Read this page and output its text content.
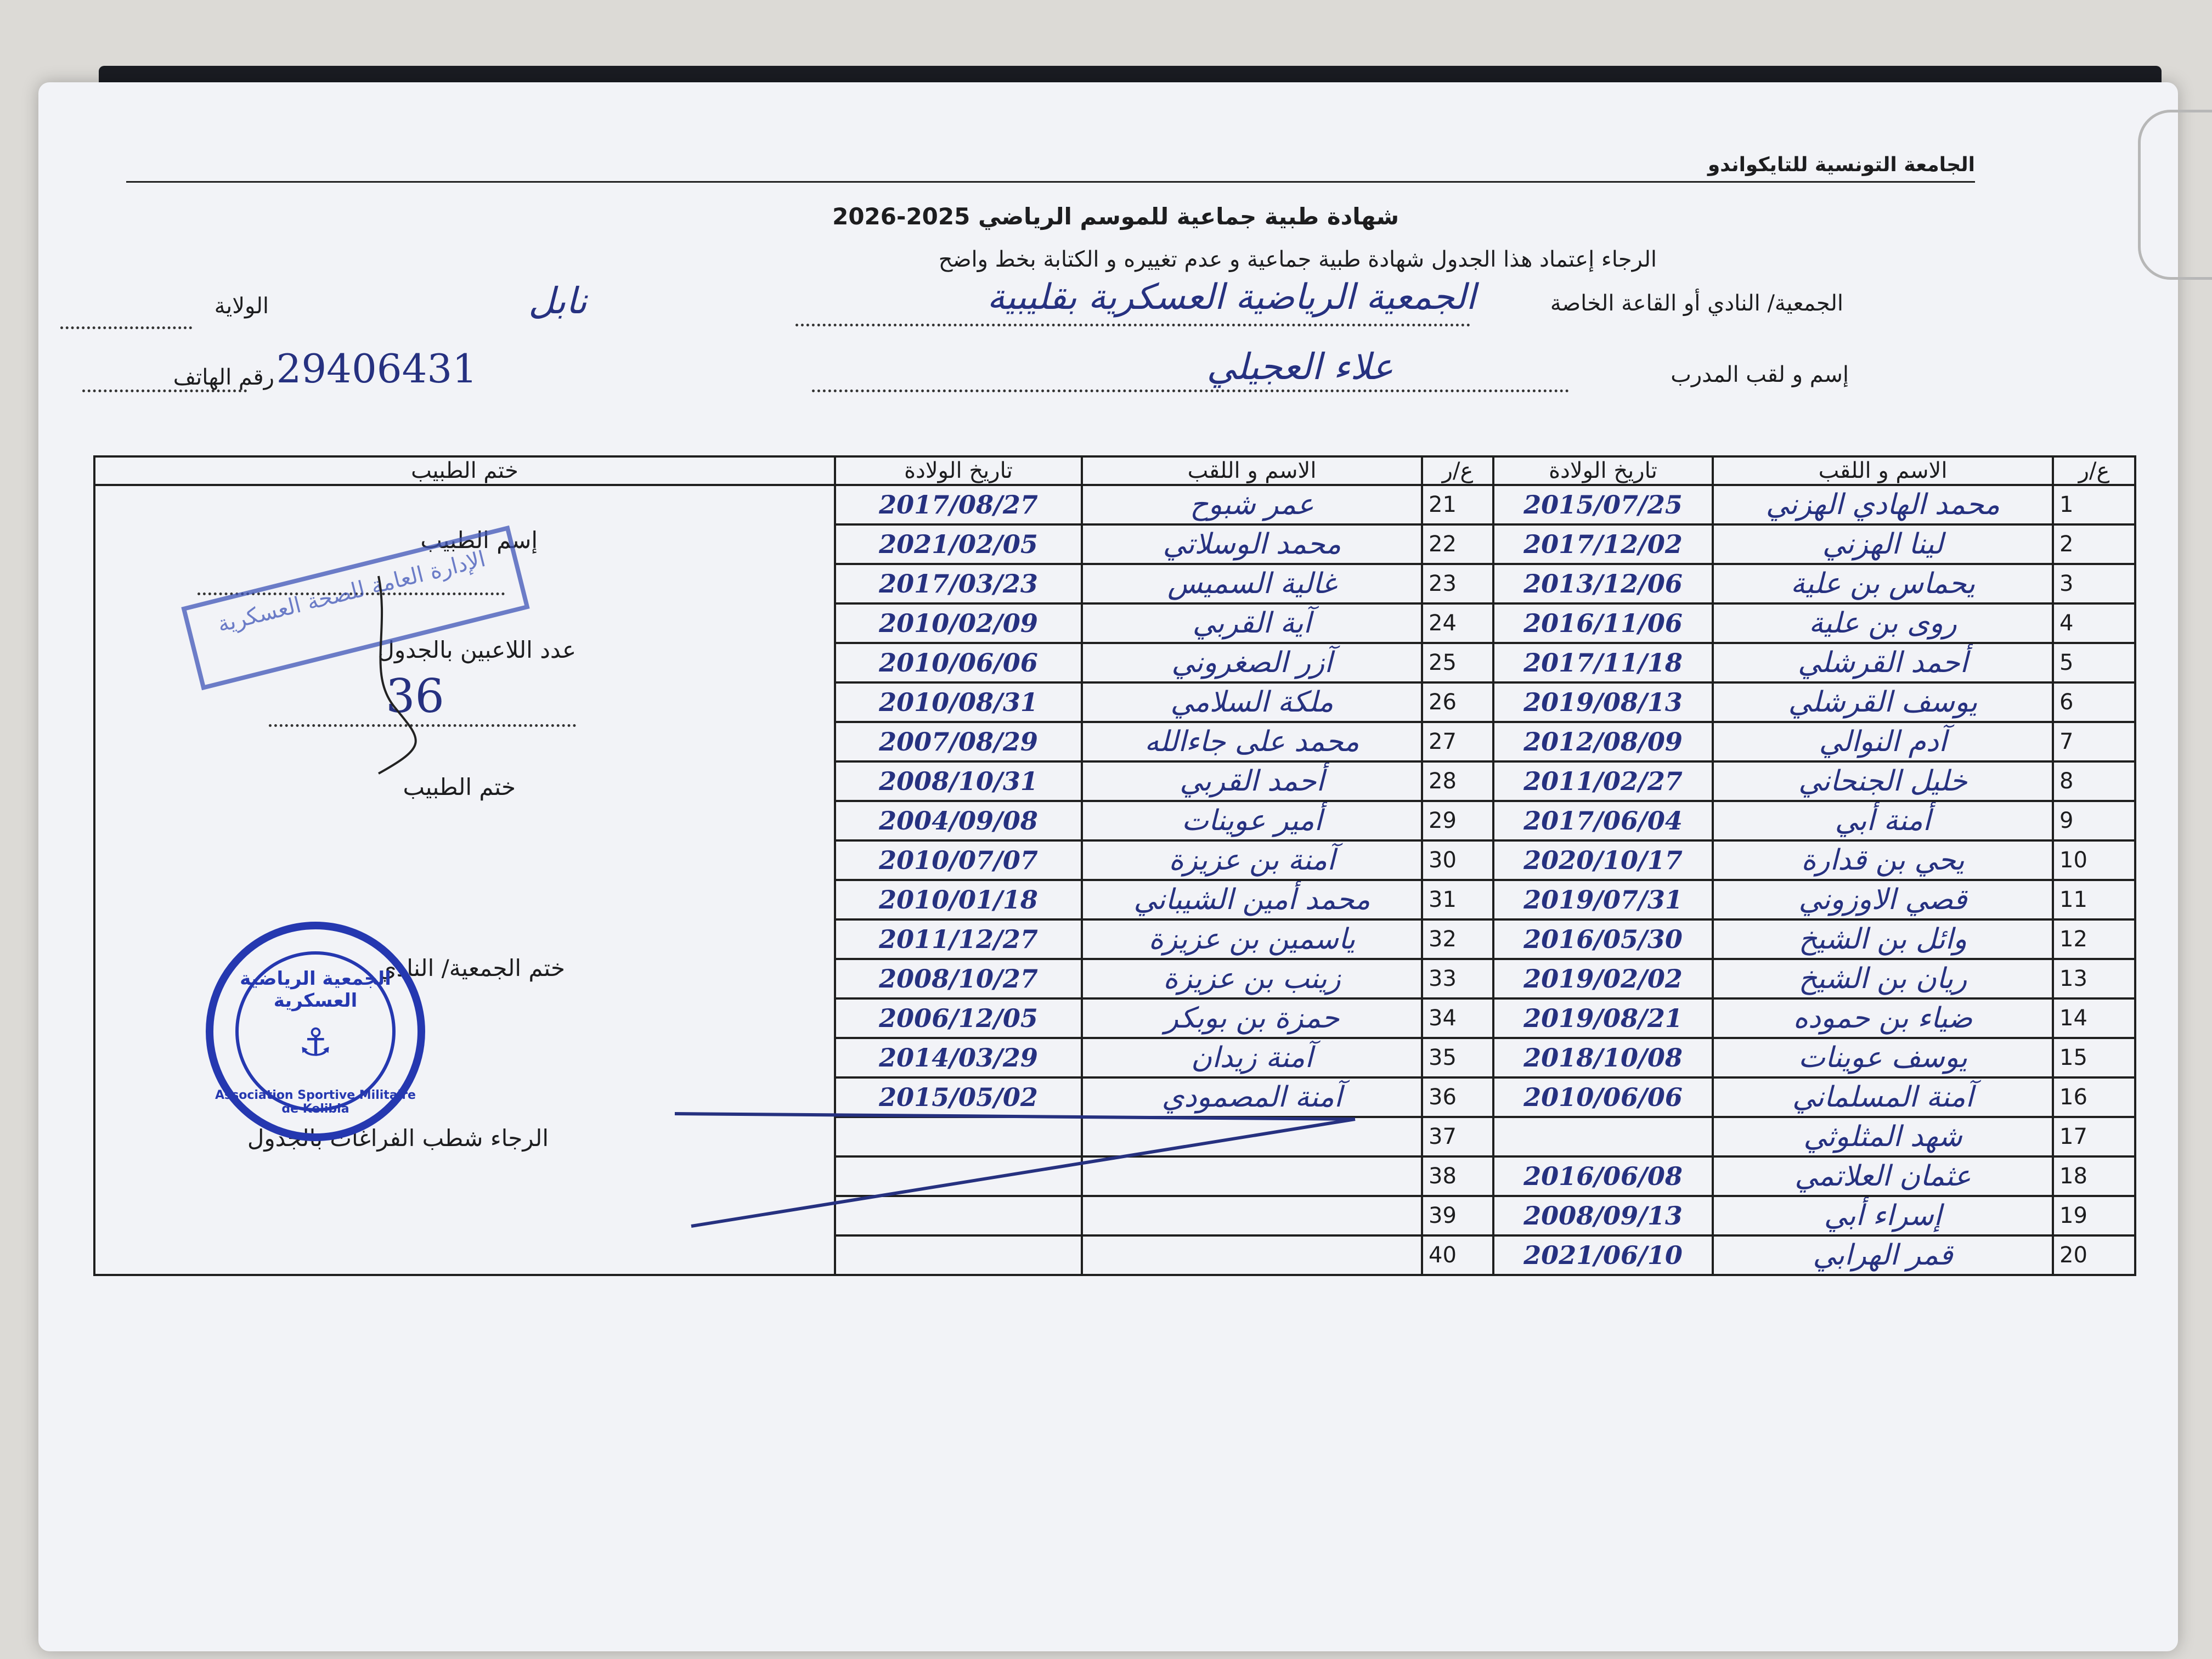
الجامعة التونسية للتايكواندو
شهادة طبية جماعية للموسم الرياضي 2025-2026
الرجاء إعتماد هذا الجدول شهادة طبية جماعية و عدم تغييره و الكتابة بخط واضح
الجمعية/ النادي أو القاعة الخاصة
الجمعية الرياضية العسكرية بقليبية
الولاية	نابل
إسم و لقب المدرب
علاء العجيلي
رقم الهاتف 29406431
ع/ر	الاسم و اللقب	تاريخ الولادة	ع/ر	الاسم و اللقب	تاريخ الولادة	ختم الطبيب
1	محمد الهادي الهزني	2015/07/25	21	عمر شبوح	2017/08/27	
2	لينا الهزني	2017/12/02	22	محمد الوسلاتي	2021/02/05	
3	يحماس بن علية	2013/12/06	23	غالية السميس	2017/03/23	
4	روى بن علية	2016/11/06	24	آية القربي	2010/02/09	
5	أحمد القرشلي	2017/11/18	25	آزر الصغروني	2010/06/06	
6	يوسف القرشلي	2019/08/13	26	ملكة السلامي	2010/08/31	
7	آدم النوالي	2012/08/09	27	محمد على جاءالله	2007/08/29	
8	خليل الجنحاني	2011/02/27	28	أحمد القربي	2008/10/31	
9	أمنة أبي	2017/06/04	29	أمير عوينات	2004/09/08	
10	يحي بن قدارة	2020/10/17	30	آمنة بن عزيزة	2010/07/07	
11	قصي الاوزوني	2019/07/31	31	محمد أمين الشيباني	2010/01/18	
12	وائل بن الشيخ	2016/05/30	32	ياسمين بن عزيزة	2011/12/27	
13	ريان بن الشيخ	2019/02/02	33	زينب بن عزيزة	2008/10/27	
14	ضياء بن حموده	2019/08/21	34	حمزة بن بوبكر	2006/12/05	
15	يوسف عوينات	2018/10/08	35	آمنة زيدان	2014/03/29	
16	آمنة المسلماني	2010/06/06	36	آمنة المصمودي	2015/05/02	
17	شهد المثلوثي		37			
18	عثمان العلاتمي	2016/06/08	38			
19	إسراء أبي	2008/09/13	39			
20	قمر الهرابي	2021/06/10	40			
إسم الطبيب
عدد اللاعبين بالجدول
36
ختم الطبيب
ختم الجمعية/ النادي
الرجاء شطب الفراغات بالجدول
الإدارة العامة للصحة العسكرية
الجمعية الرياضية العسكرية
⚓
Association Sportive Militaire de Kelibia
